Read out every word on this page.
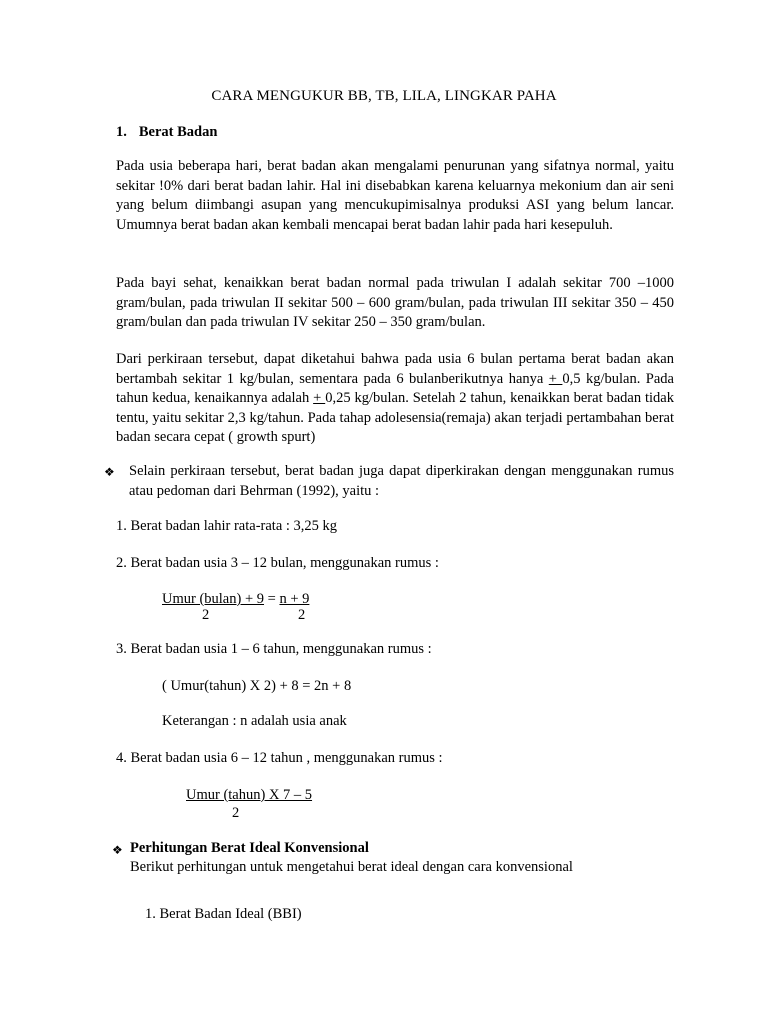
CARA MENGUKUR BB, TB, LILA, LINGKAR PAHA

1. Berat Badan

Pada usia beberapa hari, berat badan akan mengalami penurunan yang sifatnya normal, yaitu sekitar !0% dari berat badan lahir. Hal ini disebabkan karena keluarnya mekonium dan air seni yang belum diimbangi asupan yang mencukupimisalnya produksi ASI yang belum lancar. Umumnya berat badan akan kembali mencapai berat badan lahir pada hari kesepuluh.

Pada bayi sehat, kenaikkan berat badan normal pada triwulan I adalah sekitar 700 –1000 gram/bulan, pada triwulan II sekitar 500 – 600 gram/bulan, pada triwulan III sekitar 350 – 450 gram/bulan dan pada triwulan IV sekitar 250 – 350 gram/bulan.

Dari perkiraan tersebut, dapat diketahui bahwa pada usia 6 bulan pertama berat badan akan bertambah sekitar 1 kg/bulan, sementara pada 6 bulanberikutnya hanya + 0,5 kg/bulan. Pada tahun kedua, kenaikannya adalah + 0,25 kg/bulan. Setelah 2 tahun, kenaikkan berat badan tidak tentu, yaitu sekitar 2,3 kg/tahun. Pada tahap adolesensia(remaja) akan terjadi pertambahan berat badan secara cepat ( growth spurt)

❖ Selain perkiraan tersebut, berat badan juga dapat diperkirakan dengan menggunakan rumus atau pedoman dari Behrman (1992), yaitu :

1. Berat badan lahir rata-rata : 3,25 kg

2. Berat badan usia 3 – 12 bulan, menggunakan rumus :

Umur (bulan) + 9 = n + 9
2	2

3. Berat badan usia 1 – 6 tahun, menggunakan rumus :

( Umur(tahun) X 2) + 8 = 2n + 8

Keterangan : n adalah usia anak

4. Berat badan usia 6 – 12 tahun , menggunakan rumus :

Umur (tahun) X 7 – 5

2
❖ Perhitungan Berat Ideal Konvensional

Berikut perhitungan untuk mengetahui berat ideal dengan cara konvensional

1. Berat Badan Ideal (BBI)
